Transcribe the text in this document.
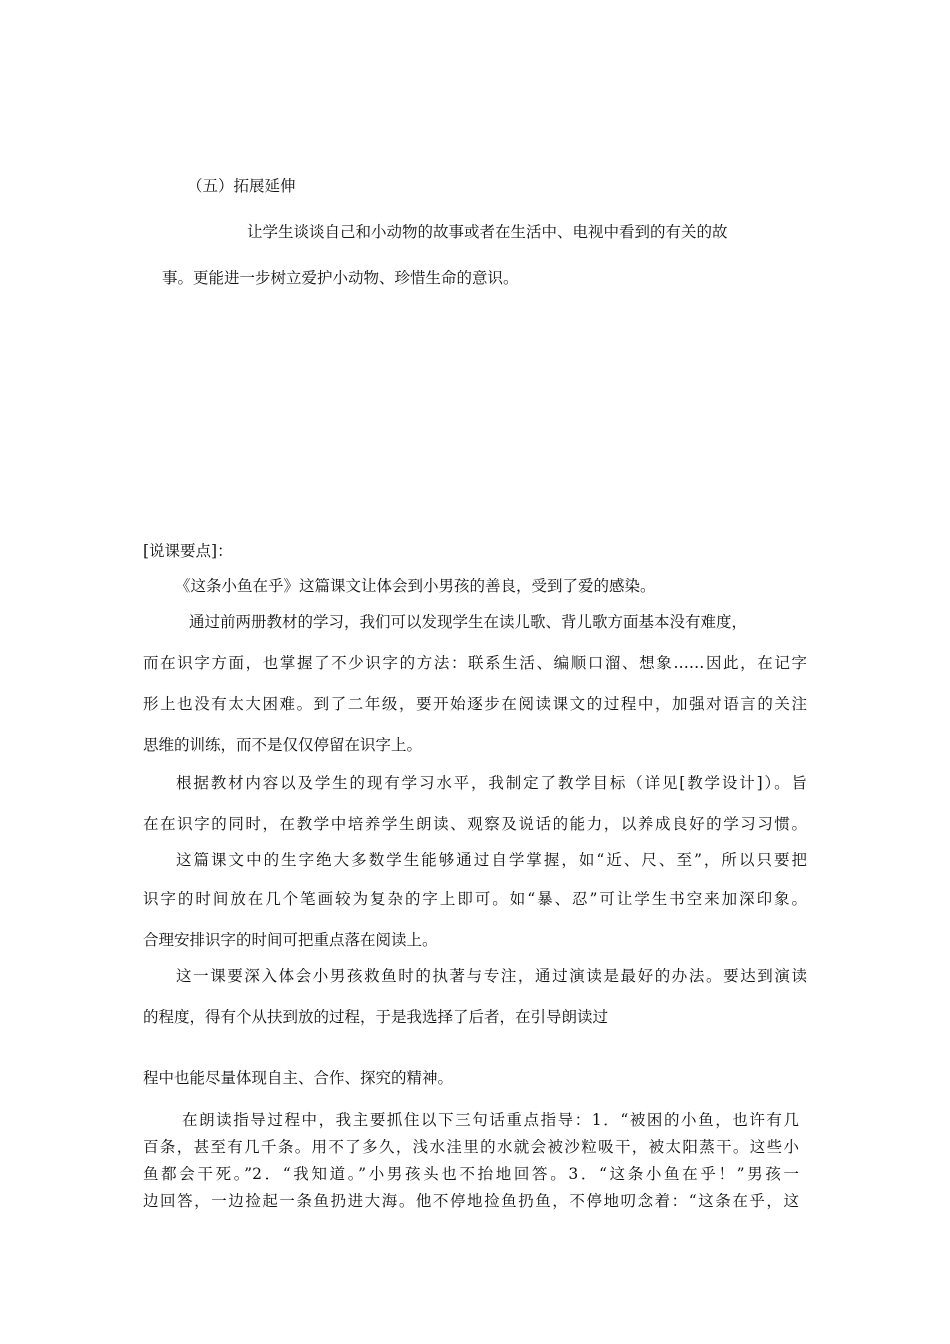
（五）拓展延伸

让学生谈谈自己和小动物的故事或者在生活中、电视中看到的有关的故

事。更能进一步树立爱护小动物、珍惜生命的意识。

[说课要点]：

《这条小鱼在乎》这篇课文让体会到小男孩的善良，受到了爱的感染。

通过前两册教材的学习，我们可以发现学生在读儿歌、背儿歌方面基本没有难度，

而在识字方面，也掌握了不少识字的方法：联系生活、编顺口溜、想象……因此，在记字

形上也没有太大困难。到了二年级，要开始逐步在阅读课文的过程中，加强对语言的关注

思维的训练，而不是仅仅停留在识字上。

根据教材内容以及学生的现有学习水平，我制定了教学目标（详见[教学设计]）。旨

在在识字的同时，在教学中培养学生朗读、观察及说话的能力，以养成良好的学习习惯。

这篇课文中的生字绝大多数学生能够通过自学掌握，如“近、尺、至”，所以只要把

识字的时间放在几个笔画较为复杂的字上即可。如“暴、忍”可让学生书空来加深印象。

合理安排识字的时间可把重点落在阅读上。

这一课要深入体会小男孩救鱼时的执著与专注，通过演读是最好的办法。要达到演读

的程度，得有个从扶到放的过程，于是我选择了后者，在引导朗读过

程中也能尽量体现自主、合作、探究的精神。

在朗读指导过程中，我主要抓住以下三句话重点指导：1．“被困的小鱼，也许有几

百条，甚至有几千条。用不了多久，浅水洼里的水就会被沙粒吸干，被太阳蒸干。这些小

鱼都会干死。”2．“我知道。”小男孩头也不抬地回答。3．“这条小鱼在乎！”男孩一

边回答，一边捡起一条鱼扔进大海。他不停地捡鱼扔鱼，不停地叨念着：“这条在乎，这
